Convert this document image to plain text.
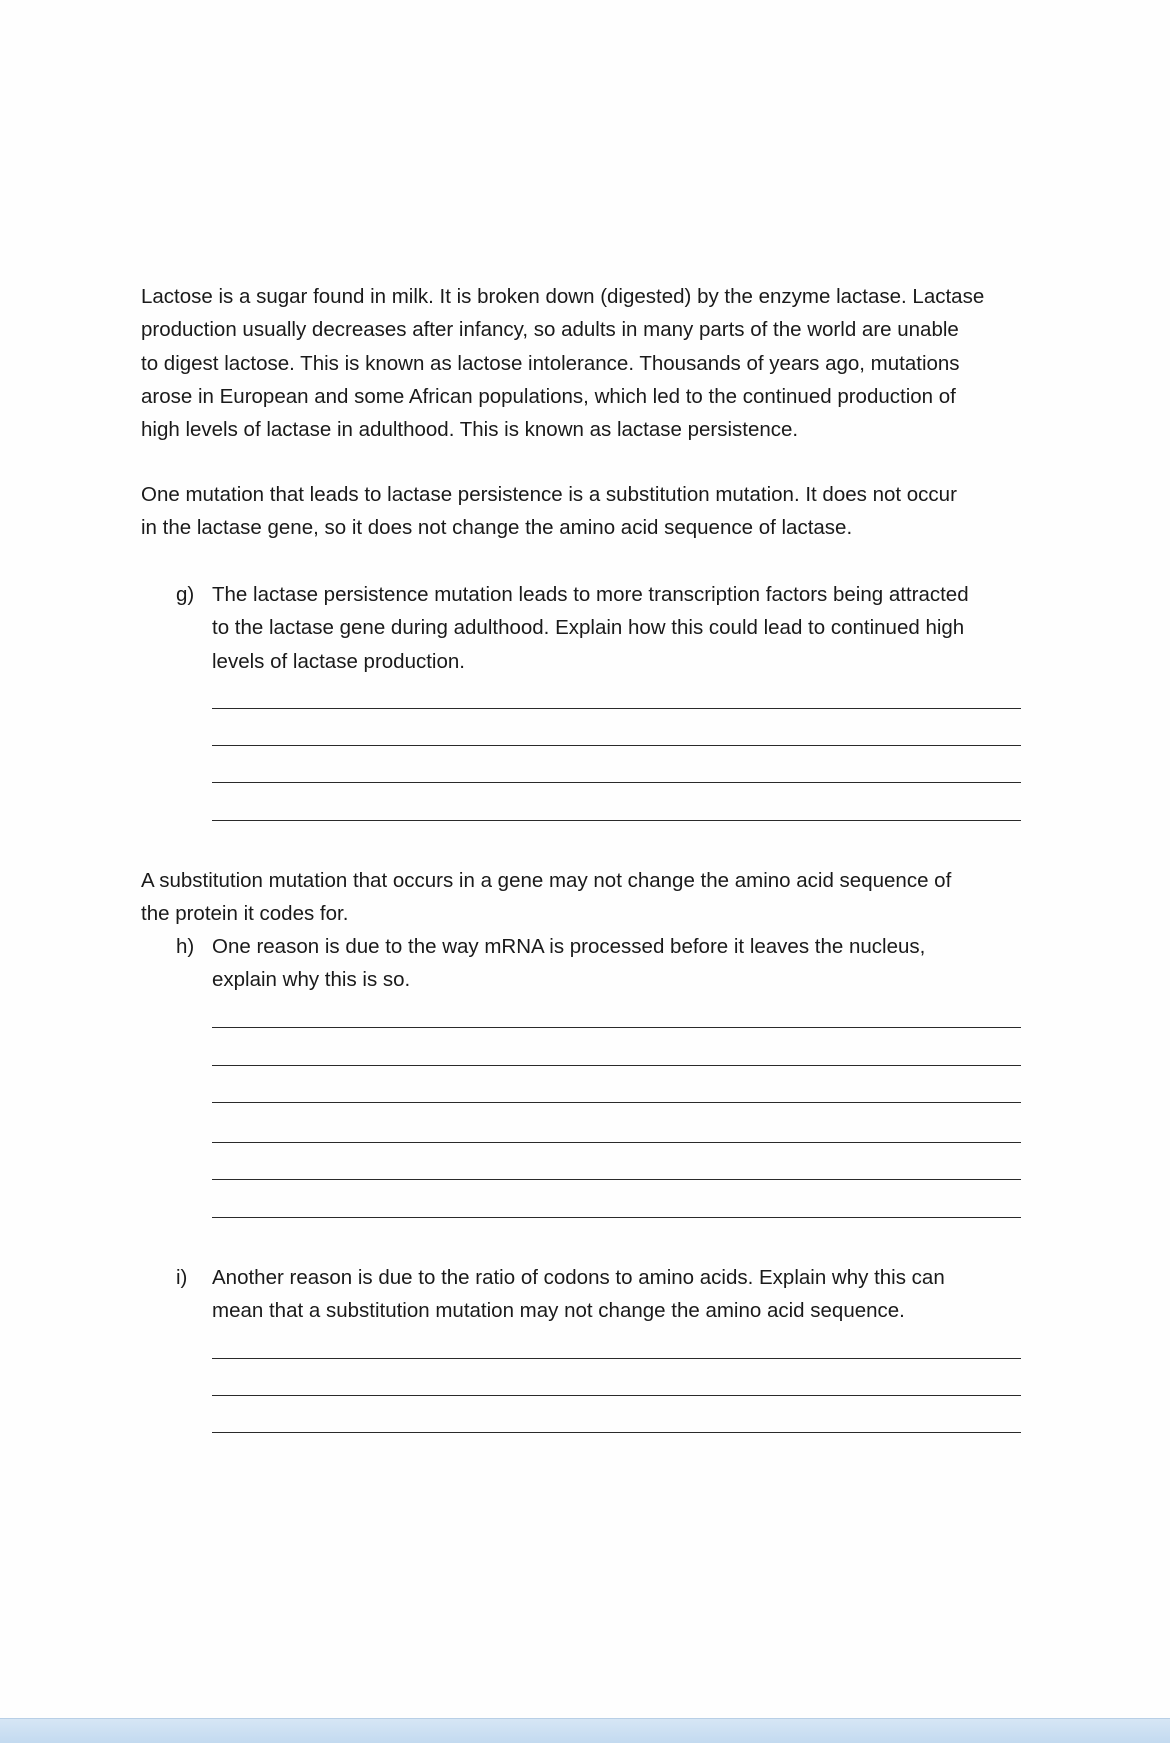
Lactose is a sugar found in milk. It is broken down (digested) by the enzyme lactase. Lactase
production usually decreases after infancy, so adults in many parts of the world are unable
to digest lactose. This is known as lactose intolerance. Thousands of years ago, mutations
arose in European and some African populations, which led to the continued production of
high levels of lactase in adulthood. This is known as lactase persistence.

One mutation that leads to lactase persistence is a substitution mutation. It does not occur
in the lactase gene, so it does not change the amino acid sequence of lactase.

g) The lactase persistence mutation leads to more transcription factors being attracted
to the lactase gene during adulthood. Explain how this could lead to continued high
levels of lactase production.

A substitution mutation that occurs in a gene may not change the amino acid sequence of
the protein it codes for.

h) One reason is due to the way mRNA is processed before it leaves the nucleus,
explain why this is so.
i)	Another reason is due to the ratio of codons to amino acids. Explain why this can
mean that a substitution mutation may not change the amino acid sequence.
